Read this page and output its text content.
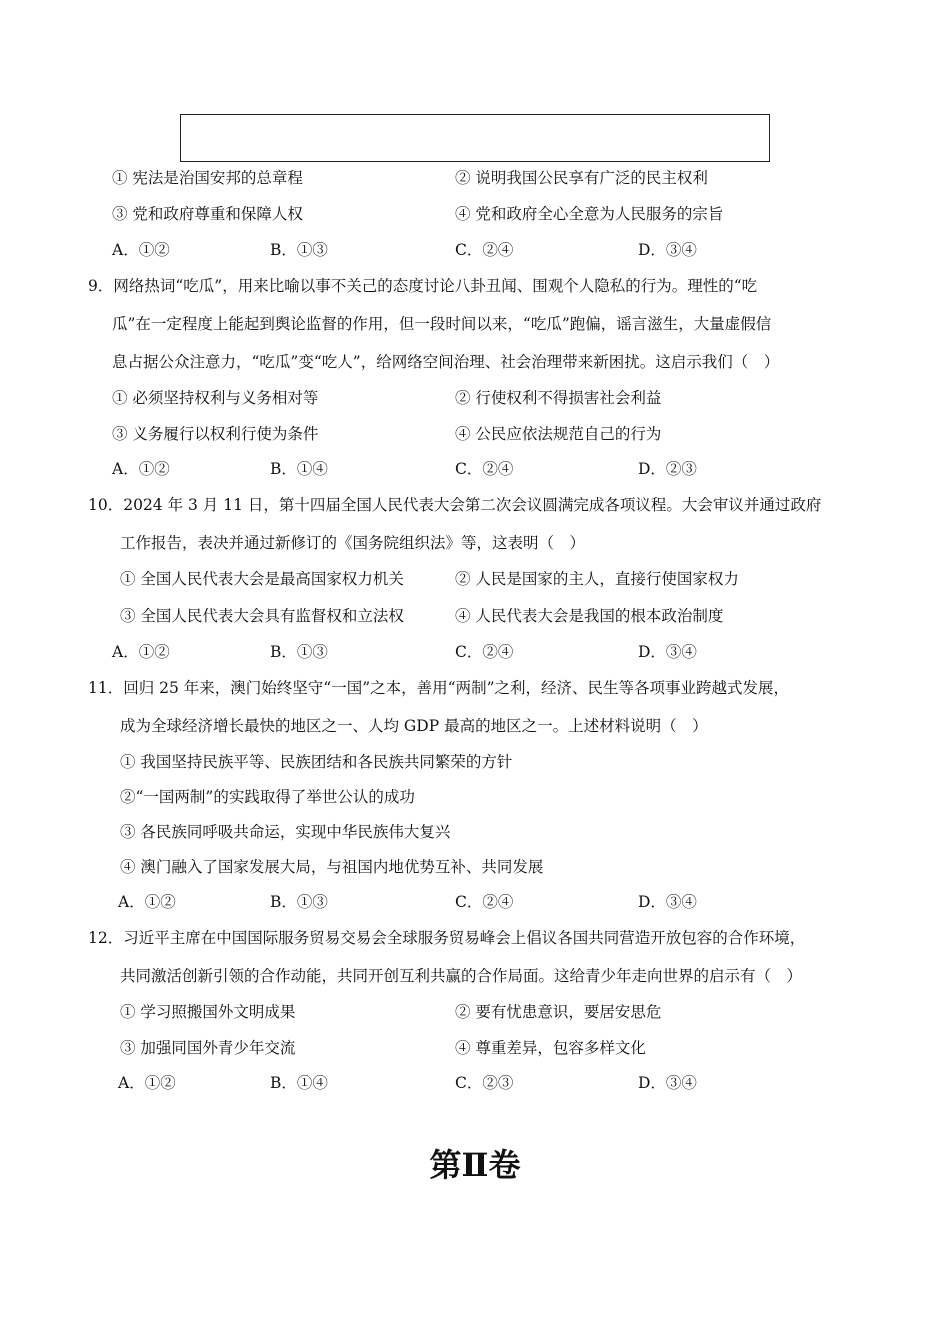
① 宪法是治国安邦的总章程	② 说明我国公民享有广泛的民主权利
③ 党和政府尊重和保障人权	④ 党和政府全心全意为人民服务的宗旨
A．①②	B．①③	C．②④	D．③④
9．网络热词“吃瓜”，用来比喻以事不关己的态度讨论八卦丑闻、围观个人隐私的行为。理性的“吃
瓜”在一定程度上能起到舆论监督的作用，但一段时间以来，“吃瓜”跑偏，谣言滋生，大量虚假信
息占据公众注意力，“吃瓜”变“吃人”，给网络空间治理、社会治理带来新困扰。这启示我们（　）
① 必须坚持权利与义务相对等	② 行使权利不得损害社会利益
③ 义务履行以权利行使为条件	④ 公民应依法规范自己的行为
A．①②	B．①④	C．②④	D．②③
10．2024 年 3 月 11 日，第十四届全国人民代表大会第二次会议圆满完成各项议程。大会审议并通过政府
工作报告，表决并通过新修订的《国务院组织法》等，这表明（　）
① 全国人民代表大会是最高国家权力机关	② 人民是国家的主人，直接行使国家权力
③ 全国人民代表大会具有监督权和立法权	④ 人民代表大会是我国的根本政治制度
A．①②	B．①③	C．②④	D．③④
11．回归 25 年来，澳门始终坚守“一国”之本，善用“两制”之利，经济、民生等各项事业跨越式发展，
成为全球经济增长最快的地区之一、人均 GDP 最高的地区之一。上述材料说明（　）
① 我国坚持民族平等、民族团结和各民族共同繁荣的方针
②“一国两制”的实践取得了举世公认的成功
③ 各民族同呼吸共命运，实现中华民族伟大复兴
④ 澳门融入了国家发展大局，与祖国内地优势互补、共同发展
A．①②	B．①③	C．②④	D．③④
12．习近平主席在中国国际服务贸易交易会全球服务贸易峰会上倡议各国共同营造开放包容的合作环境，
共同激活创新引领的合作动能，共同开创互利共赢的合作局面。这给青少年走向世界的启示有（　）
① 学习照搬国外文明成果	② 要有忧患意识，要居安思危
③ 加强同国外青少年交流	④ 尊重差异，包容多样文化
A．①②	B．①④	C．②③	D．③④
第Ⅱ卷
